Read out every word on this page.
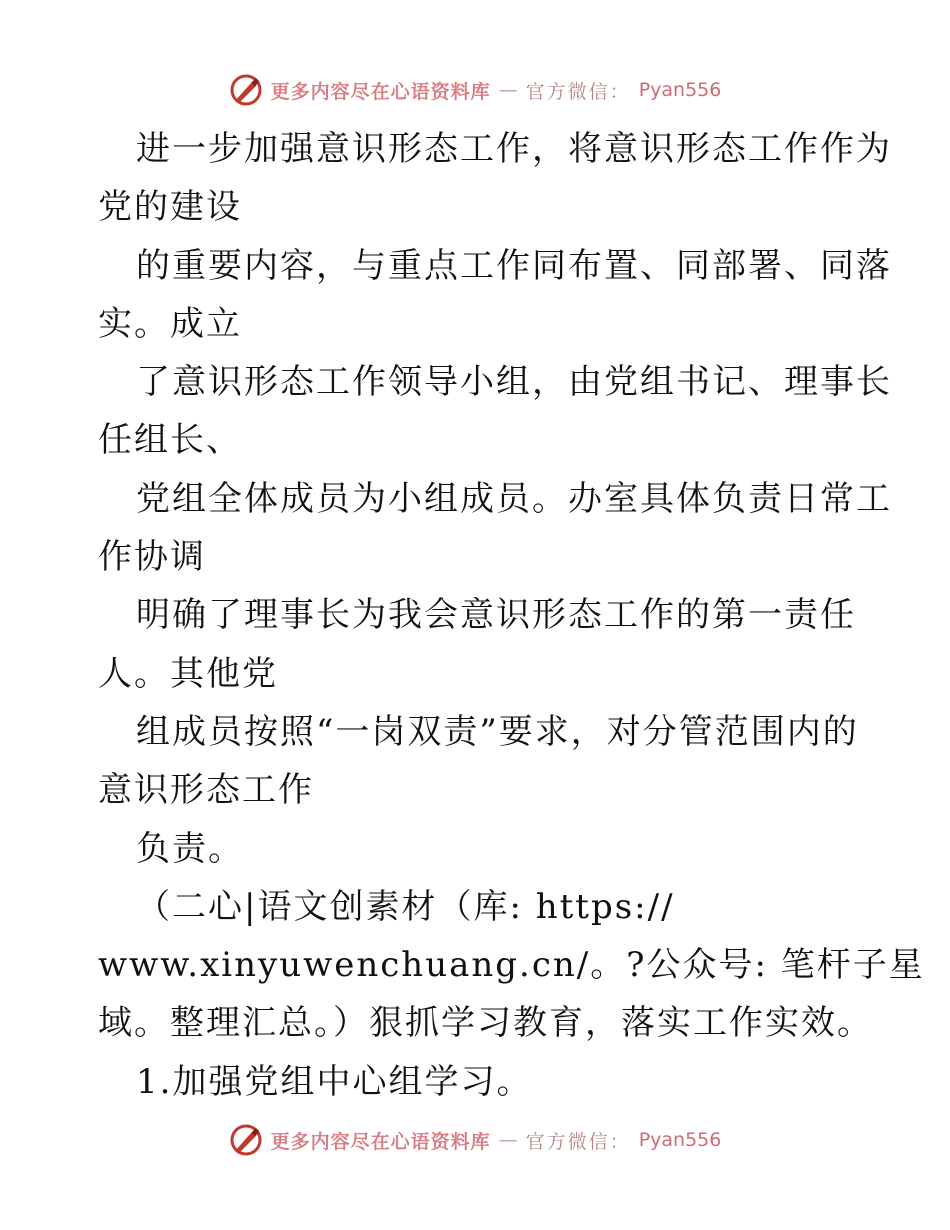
更多内容尽在心语资料库 — 官方微信： Pyan556
进一步加强意识形态工作，将意识形态工作作为
党的建设
的重要内容，与重点工作同布置、同部署、同落
实。成立
了意识形态工作领导小组，由党组书记、理事长
任组长、
党组全体成员为小组成员。办室具体负责日常工
作协调
明确了理事长为我会意识形态工作的第一责任
人。其他党
组成员按照“一岗双责”要求，对分管范围内的
意识形态工作
负责。
（二心|语文创素材（库: https://
www.xinyuwenchuang.cn/。?公众号: 笔杆子星
域。整理汇总。）狠抓学习教育，落实工作实效。
1.加强党组中心组学习。
更多内容尽在心语资料库 — 官方微信： Pyan556
